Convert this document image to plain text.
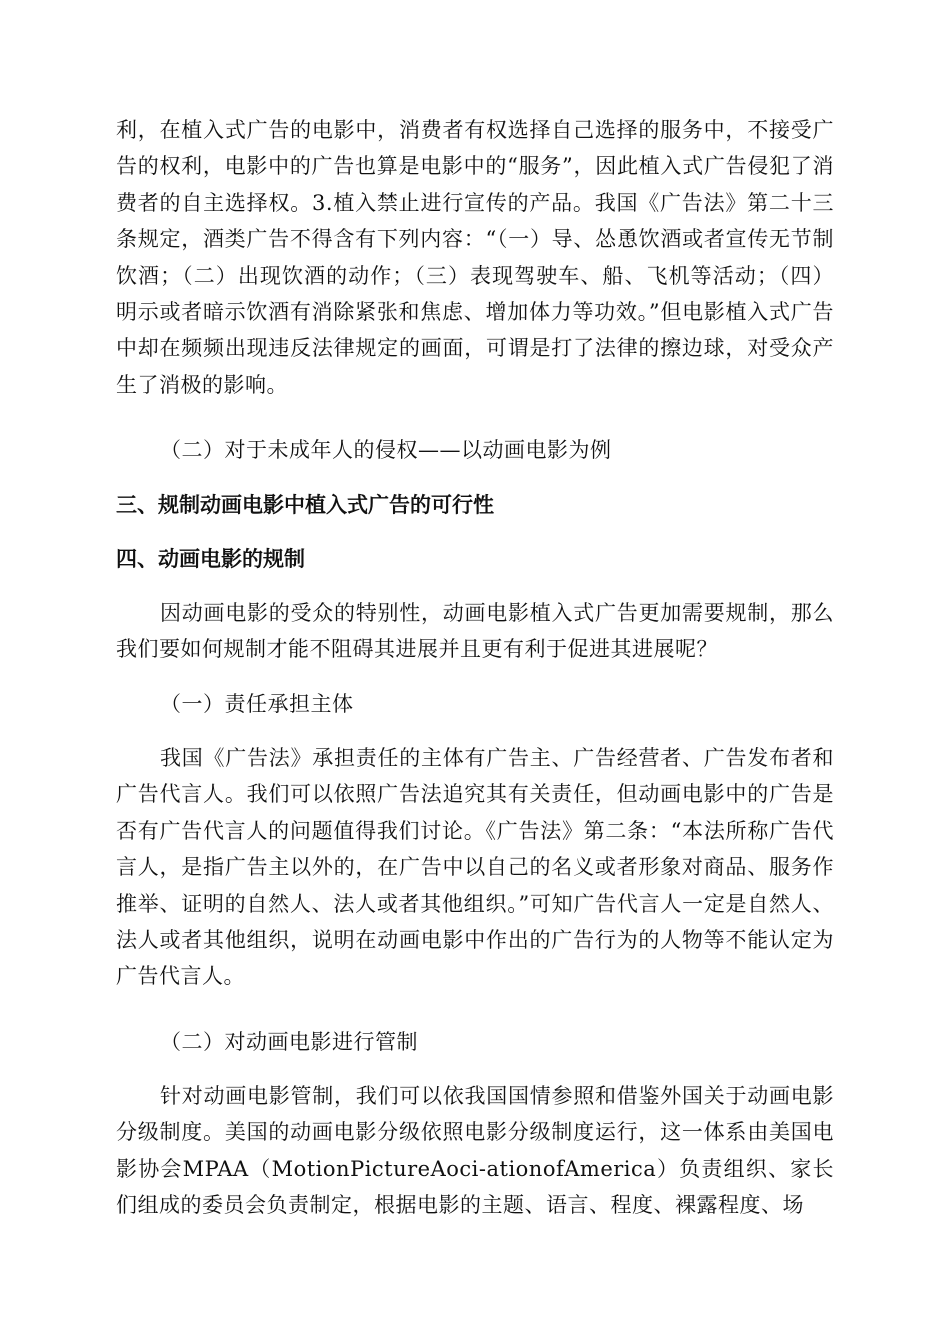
利，在植入式广告的电影中，消费者有权选择自己选择的服务中，不接受广告的权利，电影中的广告也算是电影中的“服务”，因此植入式广告侵犯了消费者的自主选择权。3.植入禁止进行宣传的产品。我国《广告法》第二十三条规定，酒类广告不得含有下列内容：“（一）导、怂恿饮酒或者宣传无节制饮酒；（二）出现饮酒的动作；（三）表现驾驶车、船、飞机等活动；（四）明示或者暗示饮酒有消除紧张和焦虑、增加体力等功效。”但电影植入式广告中却在频频出现违反法律规定的画面，可谓是打了法律的擦边球，对受众产生了消极的影响。

（二）对于未成年人的侵权——以动画电影为例

三、规制动画电影中植入式广告的可行性
四、动画电影的规制

因动画电影的受众的特别性，动画电影植入式广告更加需要规制，那么我们要如何规制才能不阻碍其进展并且更有利于促进其进展呢？

（一）责任承担主体

我国《广告法》承担责任的主体有广告主、广告经营者、广告发布者和广告代言人。我们可以依照广告法追究其有关责任，但动画电影中的广告是否有广告代言人的问题值得我们讨论。《广告法》第二条：“本法所称广告代言人，是指广告主以外的，在广告中以自己的名义或者形象对商品、服务作推举、证明的自然人、法人或者其他组织。”可知广告代言人一定是自然人、法人或者其他组织，说明在动画电影中作出的广告行为的人物等不能认定为广告代言人。

（二）对动画电影进行管制

针对动画电影管制，我们可以依我国国情参照和借鉴外国关于动画电影分级制度。美国的动画电影分级依照电影分级制度运行，这一体系由美国电影协会MPAA（MotionPictureAoci-ationofAmerica）负责组织、家长们组成的委员会负责制定，根据电影的主题、语言、程度、裸露程度、场
